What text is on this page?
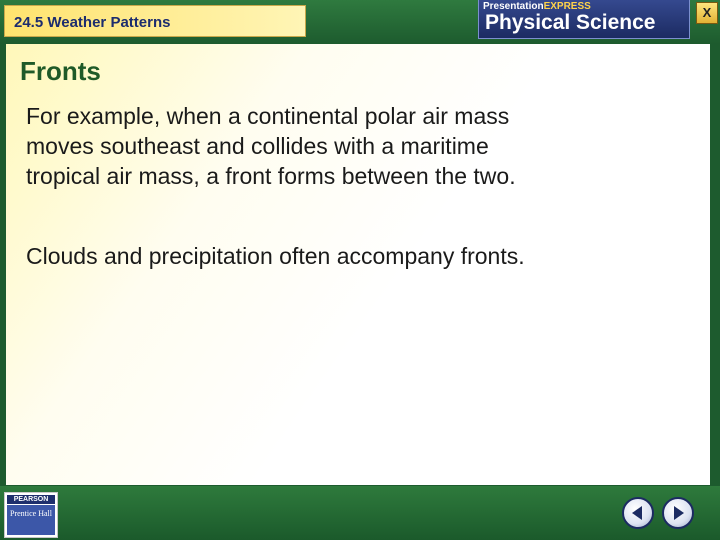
24.5 Weather Patterns
PresentationEXPRESS
Physical Science	X
Fronts
For example, when a continental polar air mass moves southeast and collides with a maritime tropical air mass, a front forms between the two.
Clouds and precipitation often accompany fronts.
PEARSON
Prentice Hall
